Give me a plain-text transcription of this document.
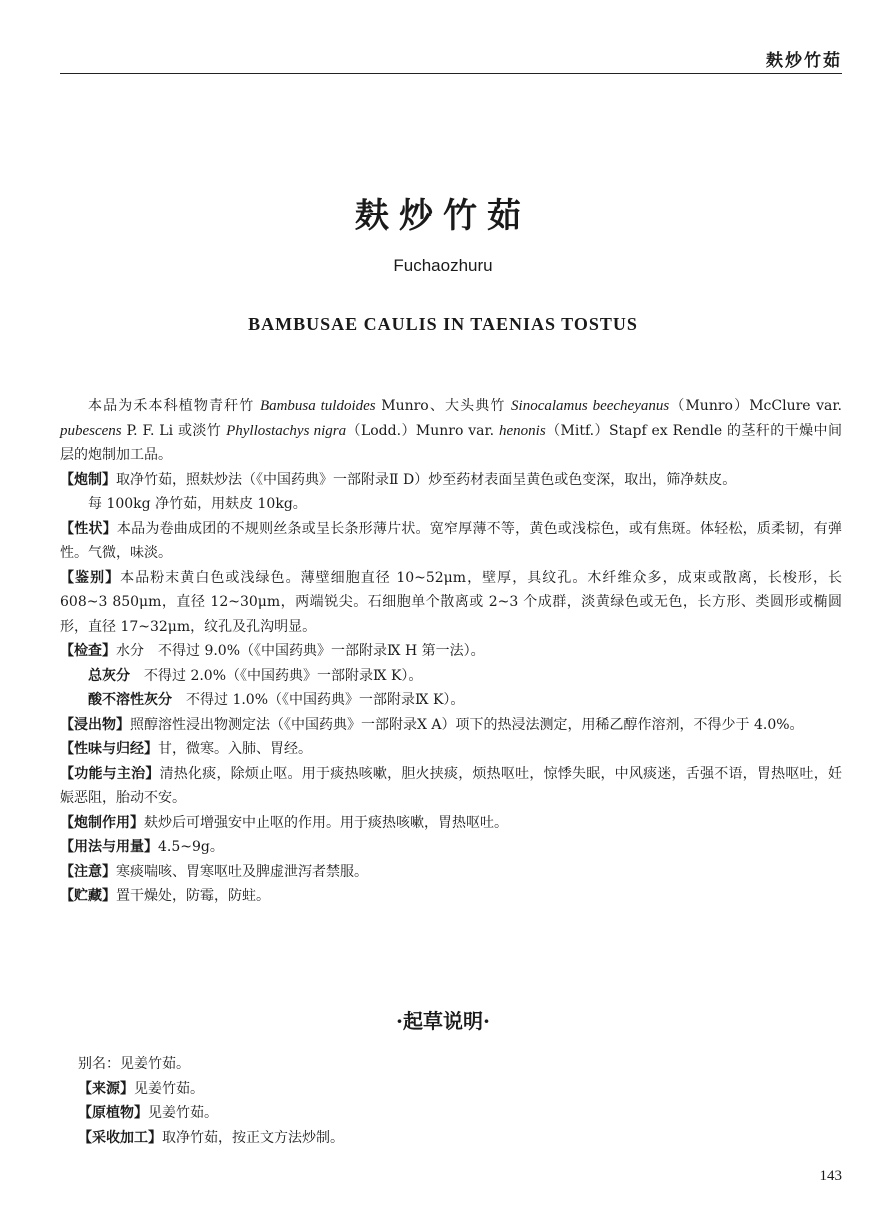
麸炒竹茹
麸炒竹茹
Fuchaozhuru
BAMBUSAE CAULIS IN TAENIAS TOSTUS

本品为禾本科植物青秆竹 Bambusa tuldoides Munro、大头典竹 Sinocalamus beecheyanus（Munro）McClure var. pubescens P. F. Li 或淡竹 Phyllostachys nigra（Lodd.）Munro var. henonis（Mitf.）Stapf ex Rendle 的茎秆的干燥中间层的炮制加工品。

【炮制】取净竹茹，照麸炒法（《中国药典》一部附录Ⅱ D）炒至药材表面呈黄色或色变深，取出，筛净麸皮。

每 100kg 净竹茹，用麸皮 10kg。

【性状】本品为卷曲成团的不规则丝条或呈长条形薄片状。宽窄厚薄不等，黄色或浅棕色，或有焦斑。体轻松，质柔韧，有弹性。气微，味淡。

【鉴别】本品粉末黄白色或浅绿色。薄壁细胞直径 10~52μm，壁厚，具纹孔。木纤维众多，成束或散离，长梭形，长 608~3 850μm，直径 12~30μm，两端锐尖。石细胞单个散离或 2~3 个成群，淡黄绿色或无色，长方形、类圆形或椭圆形，直径 17~32μm，纹孔及孔沟明显。

【检查】水分　不得过 9.0%（《中国药典》一部附录Ⅸ H 第一法）。

总灰分　不得过 2.0%（《中国药典》一部附录Ⅸ K）。

酸不溶性灰分　不得过 1.0%（《中国药典》一部附录Ⅸ K）。

【浸出物】照醇溶性浸出物测定法（《中国药典》一部附录Ⅹ A）项下的热浸法测定，用稀乙醇作溶剂，不得少于 4.0%。

【性味与归经】甘，微寒。入肺、胃经。

【功能与主治】清热化痰，除烦止呕。用于痰热咳嗽，胆火挟痰，烦热呕吐，惊悸失眠，中风痰迷，舌强不语，胃热呕吐，妊娠恶阻，胎动不安。

【炮制作用】麸炒后可增强安中止呕的作用。用于痰热咳嗽，胃热呕吐。

【用法与用量】4.5~9g。

【注意】寒痰喘咳、胃寒呕吐及脾虚泄泻者禁服。

【贮藏】置干燥处，防霉，防蛀。

·起草说明·

别名：见姜竹茹。

【来源】见姜竹茹。

【原植物】见姜竹茹。

【采收加工】取净竹茹，按正文方法炒制。

143
